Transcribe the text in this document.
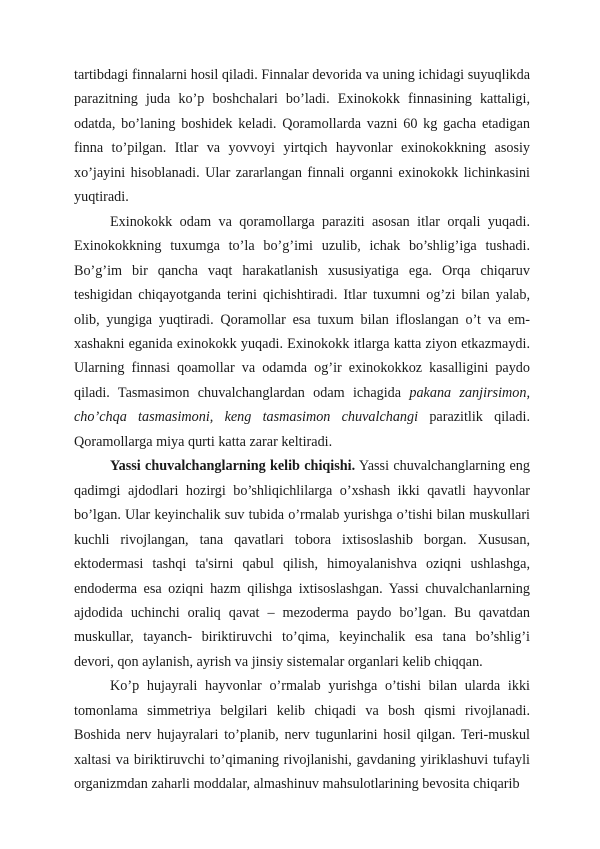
tartibdagi finnalarni hosil qiladi. Finnalar devorida va uning ichidagi suyuqlikda parazitning juda ko’p boshchalari bo’ladi. Exinokokk finnasining kattaligi, odatda, bo’laning boshidek keladi. Qoramollarda vazni 60 kg gacha etadigan finna to’pilgan. Itlar va yovvoyi yirtqich hayvonlar exinokokkning asosiy xo’jayini hisoblanadi. Ular zararlangan finnali organni exinokokk lichinkasini yuqtiradi.

Exinokokk odam va qoramollarga paraziti asosan itlar orqali yuqadi. Exinokokkning tuxumga to’la bo’g’imi uzulib, ichak bo’shlig’iga tushadi. Bo’g’im bir qancha vaqt harakatlanish xususiyatiga ega. Orqa chiqaruv teshigidan chiqayotganda terini qichishtiradi. Itlar tuxumni og’zi bilan yalab, olib, yungiga yuqtiradi. Qoramollar esa tuxum bilan ifloslangan o’t va em-xashakni eganida exinokokk yuqadi. Exinokokk itlarga katta ziyon etkazmaydi. Ularning finnasi qoamollar va odamda og’ir exinokokkoz kasalligini paydo qiladi. Tasmasimon chuvalchanglardan odam ichagida pakana zanjirsimon, cho’chqa tasmasimoni, keng tasmasimon chuvalchangi parazitlik qiladi. Qoramollarga miya qurti katta zarar keltiradi.

Yassi chuvalchanglarning kelib chiqishi. Yassi chuvalchanglarning eng qadimgi ajdodlari hozirgi bo’shliqichlilarga o’xshash ikki qavatli hayvonlar bo’lgan. Ular keyinchalik suv tubida o’rmalab yurishga o’tishi bilan muskullari kuchli rivojlangan, tana qavatlari tobora ixtisoslashib borgan. Xususan, ektodermasi tashqi ta'sirni qabul qilish, himoyalanishva oziqni ushlashga, endoderma esa oziqni hazm qilishga ixtisoslashgan. Yassi chuvalchanlarning ajdodida uchinchi oraliq qavat – mezoderma paydo bo’lgan. Bu qavatdan muskullar, tayanch- biriktiruvchi to’qima, keyinchalik esa tana bo’shlig’i devori, qon aylanish, ayrish va jinsiy sistemalar organlari kelib chiqqan.

Ko’p hujayrali hayvonlar o’rmalab yurishga o’tishi bilan ularda ikki tomonlama simmetriya belgilari kelib chiqadi va bosh qismi rivojlanadi. Boshida nerv hujayralari to’planib, nerv tugunlarini hosil qilgan. Teri-muskul xaltasi va biriktiruvchi to’qimaning rivojlanishi, gavdaning yiriklashuvi tufayli organizmdan zaharli moddalar, almashinuv mahsulotlarining bevosita chiqarib
